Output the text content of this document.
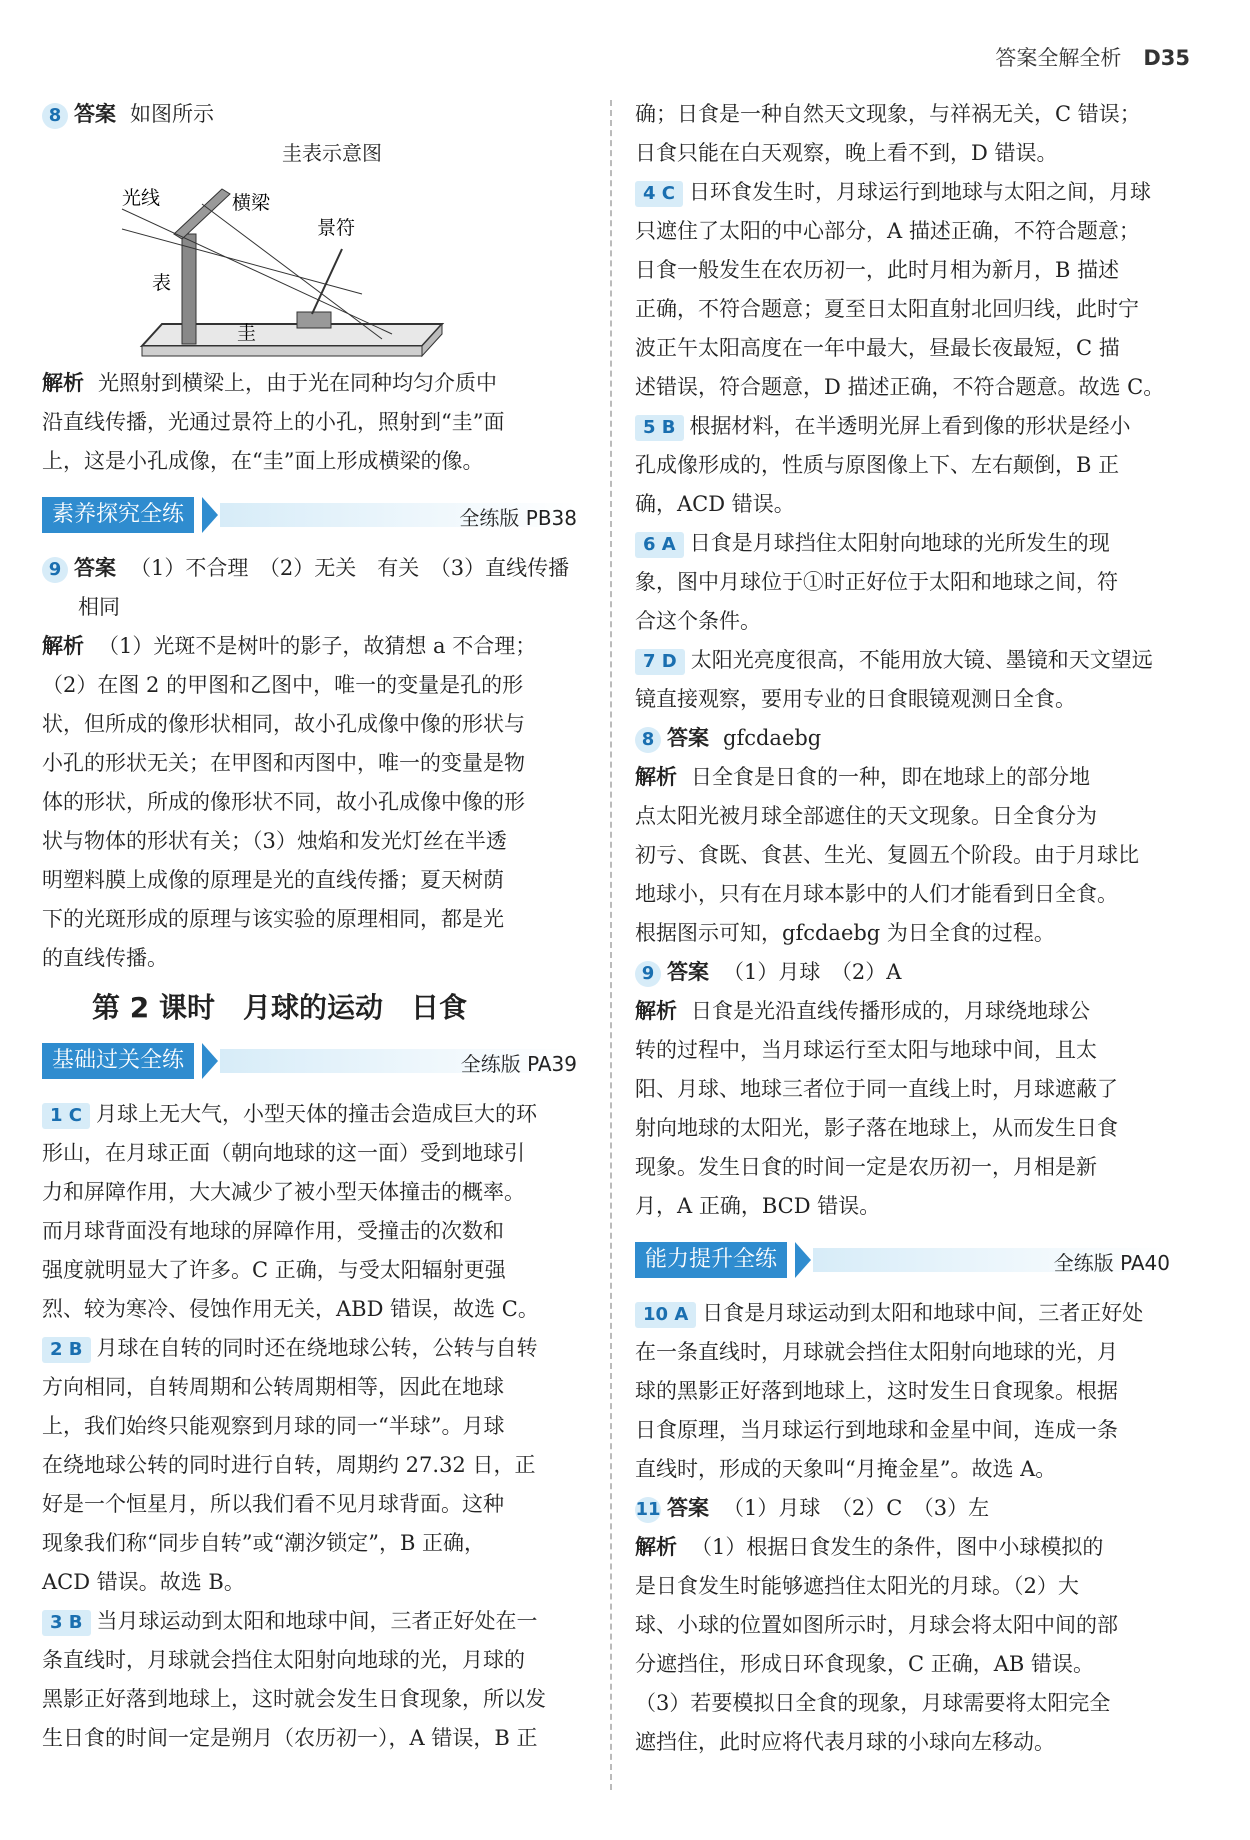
答案全解全析 D35

8 答案 如图所示

圭表示意图
光线	横梁
景符
表
圭

解析 光照射到横梁上，由于光在同种均匀介质中

沿直线传播，光通过景符上的小孔，照射到“圭”面

上，这是小孔成像，在“圭”面上形成横梁的像。

素养探究全练	全练版 PB38

9 答案 （1）不合理　（2）无关　有关　（3）直线传播

相同

解析 （1）光斑不是树叶的影子，故猜想 a 不合理；

（2）在图 2 的甲图和乙图中，唯一的变量是孔的形

状，但所成的像形状相同，故小孔成像中像的形状与

小孔的形状无关；在甲图和丙图中，唯一的变量是物

体的形状，所成的像形状不同，故小孔成像中像的形

状与物体的形状有关；（3）烛焰和发光灯丝在半透

明塑料膜上成像的原理是光的直线传播；夏天树荫

下的光斑形成的原理与该实验的原理相同，都是光

的直线传播。

第 2 课时　月球的运动　日食
基础过关全练	全练版 PA39

1 C 月球上无大气，小型天体的撞击会造成巨大的环

形山，在月球正面（朝向地球的这一面）受到地球引

力和屏障作用，大大减少了被小型天体撞击的概率。

而月球背面没有地球的屏障作用，受撞击的次数和

强度就明显大了许多。C 正确，与受太阳辐射更强

烈、较为寒冷、侵蚀作用无关，ABD 错误，故选 C。

2 B 月球在自转的同时还在绕地球公转，公转与自转

方向相同，自转周期和公转周期相等，因此在地球

上，我们始终只能观察到月球的同一“半球”。月球

在绕地球公转的同时进行自转，周期约 27.32 日，正

好是一个恒星月，所以我们看不见月球背面。这种

现象我们称“同步自转”或“潮汐锁定”，B 正确，

ACD 错误。故选 B。

3 B 当月球运动到太阳和地球中间，三者正好处在一

条直线时，月球就会挡住太阳射向地球的光，月球的

黑影正好落到地球上，这时就会发生日食现象，所以发

生日食的时间一定是朔月（农历初一），A 错误，B 正

确；日食是一种自然天文现象，与祥祸无关，C 错误；

日食只能在白天观察，晚上看不到，D 错误。

4 C 日环食发生时，月球运行到地球与太阳之间，月球

只遮住了太阳的中心部分，A 描述正确，不符合题意；

日食一般发生在农历初一，此时月相为新月，B 描述

正确，不符合题意；夏至日太阳直射北回归线，此时宁

波正午太阳高度在一年中最大，昼最长夜最短，C 描

述错误，符合题意，D 描述正确，不符合题意。故选 C。

5 B 根据材料，在半透明光屏上看到像的形状是经小

孔成像形成的，性质与原图像上下、左右颠倒，B 正

确，ACD 错误。

6 A 日食是月球挡住太阳射向地球的光所发生的现

象，图中月球位于①时正好位于太阳和地球之间，符

合这个条件。

7 D 太阳光亮度很高，不能用放大镜、墨镜和天文望远

镜直接观察，要用专业的日食眼镜观测日全食。

8 答案 gfcdaebg

解析 日全食是日食的一种，即在地球上的部分地

点太阳光被月球全部遮住的天文现象。日全食分为

初亏、食既、食甚、生光、复圆五个阶段。由于月球比

地球小，只有在月球本影中的人们才能看到日全食。

根据图示可知，gfcdaebg 为日全食的过程。

9 答案 （1）月球　（2）A

解析 日食是光沿直线传播形成的，月球绕地球公

转的过程中，当月球运行至太阳与地球中间，且太

阳、月球、地球三者位于同一直线上时，月球遮蔽了

射向地球的太阳光，影子落在地球上，从而发生日食

现象。发生日食的时间一定是农历初一，月相是新

月，A 正确，BCD 错误。

能力提升全练	全练版 PA40

10 A 日食是月球运动到太阳和地球中间，三者正好处

在一条直线时，月球就会挡住太阳射向地球的光，月

球的黑影正好落到地球上，这时发生日食现象。根据

日食原理，当月球运行到地球和金星中间，连成一条

直线时，形成的天象叫“月掩金星”。故选 A。

11 答案 （1）月球　（2）C　（3）左

解析 （1）根据日食发生的条件，图中小球模拟的

是日食发生时能够遮挡住太阳光的月球。（2）大

球、小球的位置如图所示时，月球会将太阳中间的部

分遮挡住，形成日环食现象，C 正确，AB 错误。

（3）若要模拟日全食的现象，月球需要将太阳完全

遮挡住，此时应将代表月球的小球向左移动。
